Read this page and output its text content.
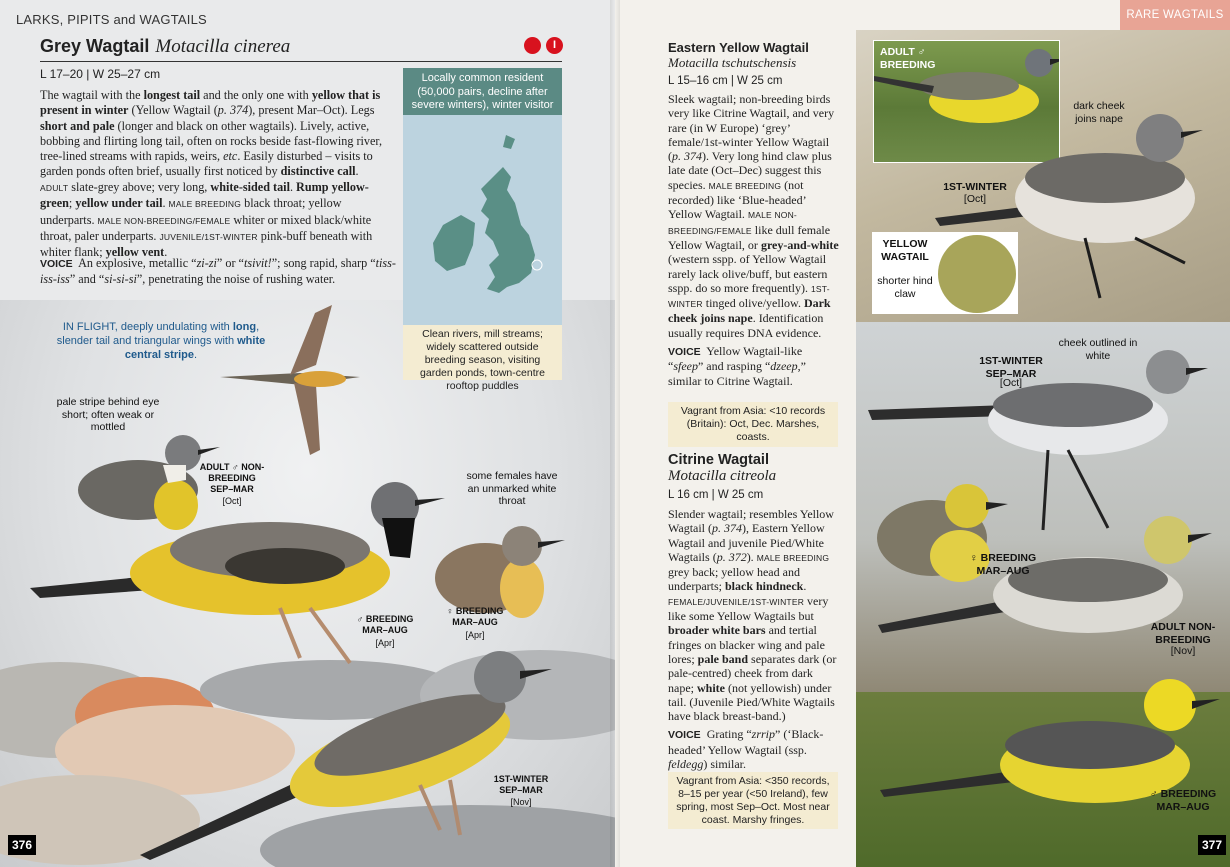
LARKS, PIPITS and WAGTAILS
Grey Wagtail Motacilla cinerea	I
L 17–20 | W 25–27 cm
The wagtail with the longest tail and the only one with yellow that is present in winter (Yellow Wagtail (p. 374), present Mar–Oct). Legs short and pale (longer and black on other wagtails). Lively, active, bobbing and flirting long tail, often on rocks beside fast-flowing river, tree-lined streams with rapids, weirs, etc. Easily disturbed – visits to garden ponds often brief, usually first noticed by distinctive call.
ADULT slate-grey above; very long, white-sided tail. Rump yellow-green; yellow under tail. MALE BREEDING black throat; yellow underparts. MALE NON-BREEDING/FEMALE whiter or mixed black/white throat, paler underparts. JUVENILE/1ST-WINTER pink-buff beneath with whiter flank; yellow vent.
VOICE  An explosive, metallic “zi-zi” or “tsivit!”; song rapid, sharp “tiss-iss-iss” and “si-si-si”, penetrating the noise of rushing water.
Locally common resident (50,000 pairs, decline after severe winters), winter visitor
Clean rivers, mill streams; widely scattered outside breeding season, visiting garden ponds, town-centre rooftop puddles
IN FLIGHT, deeply undulating with long, slender tail and triangular wings with white central stripe.
pale stripe behind eye short; often weak or mottled
ADULT ♂ NON-BREEDING SEP–MAR
[Oct]
some females have an unmarked white throat
♂ BREEDING MAR–AUG
[Apr]
♀ BREEDING MAR–AUG
[Apr]
1ST-WINTER SEP–MAR
[Nov]
376
RARE WAGTAILS
Eastern Yellow Wagtail
Motacilla tschutschensis
L 15–16 cm | W 25 cm
Sleek wagtail; non-breeding birds very like Citrine Wagtail, and very rare (in W Europe) ‘grey’ female/1st-winter Yellow Wagtail (p. 374). Very long hind claw plus late date (Oct–Dec) suggest this species. MALE BREEDING (not recorded) like ‘Blue-headed’ Yellow Wagtail. MALE NON-BREEDING/FEMALE like dull female Yellow Wagtail, or grey-and-white (western sspp. of Yellow Wagtail rarely lack olive/buff, but eastern sspp. do so more frequently). 1ST-WINTER tinged olive/yellow. Dark cheek joins nape. Identification usually requires DNA evidence.
VOICE  Yellow Wagtail-like “sfeep” and rasping “dzeep,” similar to Citrine Wagtail.
Vagrant from Asia: <10 records (Britain): Oct, Dec. Marshes, coasts.
Citrine Wagtail
Motacilla citreola
L 16 cm | W 25 cm
Slender wagtail; resembles Yellow Wagtail (p. 374), Eastern Yellow Wagtail and juvenile Pied/White Wagtails (p. 372). MALE BREEDING grey back; yellow head and underparts; black hindneck. FEMALE/JUVENILE/1ST-WINTER very like some Yellow Wagtails but broader white bars and tertial fringes on blacker wing and pale lores; pale band separates dark (or pale-centred) cheek from dark nape; white (not yellowish) under tail. (Juvenile Pied/White Wagtails have black breast-band.)
VOICE  Grating “zrrip” (‘Black-headed’ Yellow Wagtail (ssp. feldegg) similar.
Vagrant from Asia: <350 records, 8–15 per year (<50 Ireland), few spring, most Sep–Oct. Most near coast. Marshy fringes.
ADULT ♂ BREEDING
dark cheek joins nape
1ST-WINTER
[Oct]
YELLOW WAGTAIL
shorter hind claw
cheek outlined in white
1ST-WINTER SEP–MAR
[Oct]
♀ BREEDING MAR–AUG
ADULT NON-BREEDING
[Nov]
♂ BREEDING MAR–AUG
377
